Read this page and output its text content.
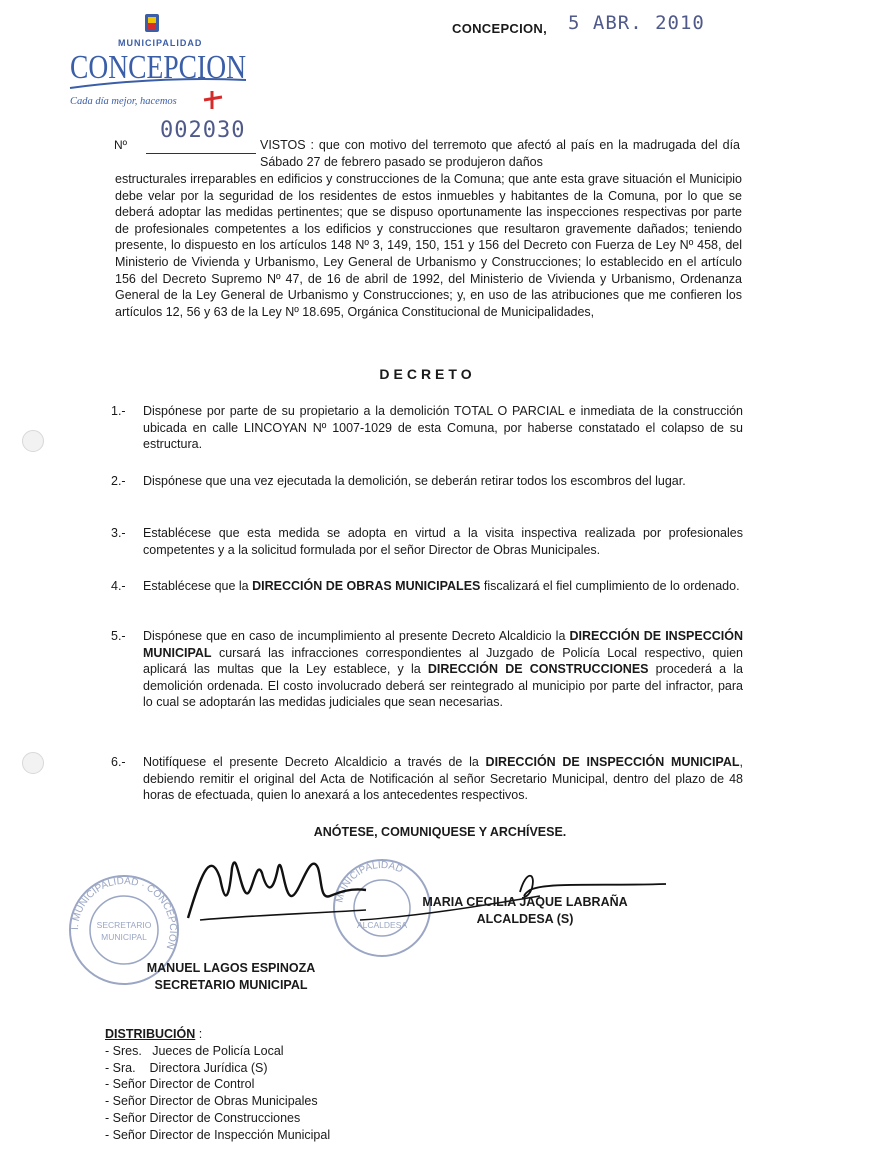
MUNICIPALIDAD
CONCEPCION
Cada día mejor, hacemos
CONCEPCION, 5 ABR. 2010
Nº
002030
VISTOS : que con motivo del terremoto que afectó al país en la madrugada del día Sábado 27 de febrero pasado se produjeron daños
estructurales irreparables en edificios y construcciones de la Comuna; que ante esta grave situación el Municipio debe velar por la seguridad de los residentes de estos inmuebles y habitantes de la Comuna, por lo que se deberá adoptar las medidas pertinentes; que se dispuso oportunamente las inspecciones respectivas por parte de profesionales competentes a los edificios y construcciones que resultaron gravemente dañados; teniendo presente, lo dispuesto en los artículos 148 Nº 3, 149, 150, 151 y 156 del Decreto con Fuerza de Ley Nº 458, del Ministerio de Vivienda y Urbanismo, Ley General de Urbanismo y Construcciones; lo establecido en el artículo 156 del Decreto Supremo Nº 47, de 16 de abril de 1992, del Ministerio de Vivienda y Urbanismo, Ordenanza General de la Ley General de Urbanismo y Construcciones; y, en uso de las atribuciones que me confieren los artículos 12, 56 y 63 de la Ley Nº 18.695, Orgánica Constitucional de Municipalidades,
DECRETO
1.- Dispónese por parte de su propietario a la demolición TOTAL O PARCIAL e inmediata de la construcción ubicada en calle LINCOYAN Nº 1007-1029 de esta Comuna, por haberse constatado el colapso de su estructura.
2.- Dispónese que una vez ejecutada la demolición, se deberán retirar todos los escombros del lugar.
3.- Establécese que esta medida se adopta en virtud a la visita inspectiva realizada por profesionales competentes y a la solicitud formulada por el señor Director de Obras Municipales.
4.- Establécese que la DIRECCIÓN DE OBRAS MUNICIPALES fiscalizará el fiel cumplimiento de lo ordenado.
5.- Dispónese que en caso de incumplimiento al presente Decreto Alcaldicio la DIRECCIÓN DE INSPECCIÓN MUNICIPAL cursará las infracciones correspondientes al Juzgado de Policía Local respectivo, quien aplicará las multas que la Ley establece, y la DIRECCIÓN DE CONSTRUCCIONES procederá a la demolición ordenada. El costo involucrado deberá ser reintegrado al municipio por parte del infractor, para lo cual se adoptarán las medidas judiciales que sean necesarias.
6.- Notifíquese el presente Decreto Alcaldicio a través de la DIRECCIÓN DE INSPECCIÓN MUNICIPAL, debiendo remitir el original del Acta de Notificación al señor Secretario Municipal, dentro del plazo de 48 horas de efectuada, quien lo anexará a los antecedentes respectivos.
ANÓTESE, COMUNIQUESE Y ARCHÍVESE.
I. MUNICIPALIDAD · CONCEPCION
SECRETARIO
MUNICIPAL
MUNICIPALIDAD
ALCALDESA
MARIA CECILIA JAQUE LABRAÑA
ALCALDESA (S)
MANUEL LAGOS ESPINOZA
SECRETARIO MUNICIPAL
DISTRIBUCIÓN :
- Sres.   Jueces de Policía Local
- Sra.    Directora Jurídica (S)
- Señor Director de Control
- Señor Director de Obras Municipales
- Señor Director de Construcciones
- Señor Director de Inspección Municipal
